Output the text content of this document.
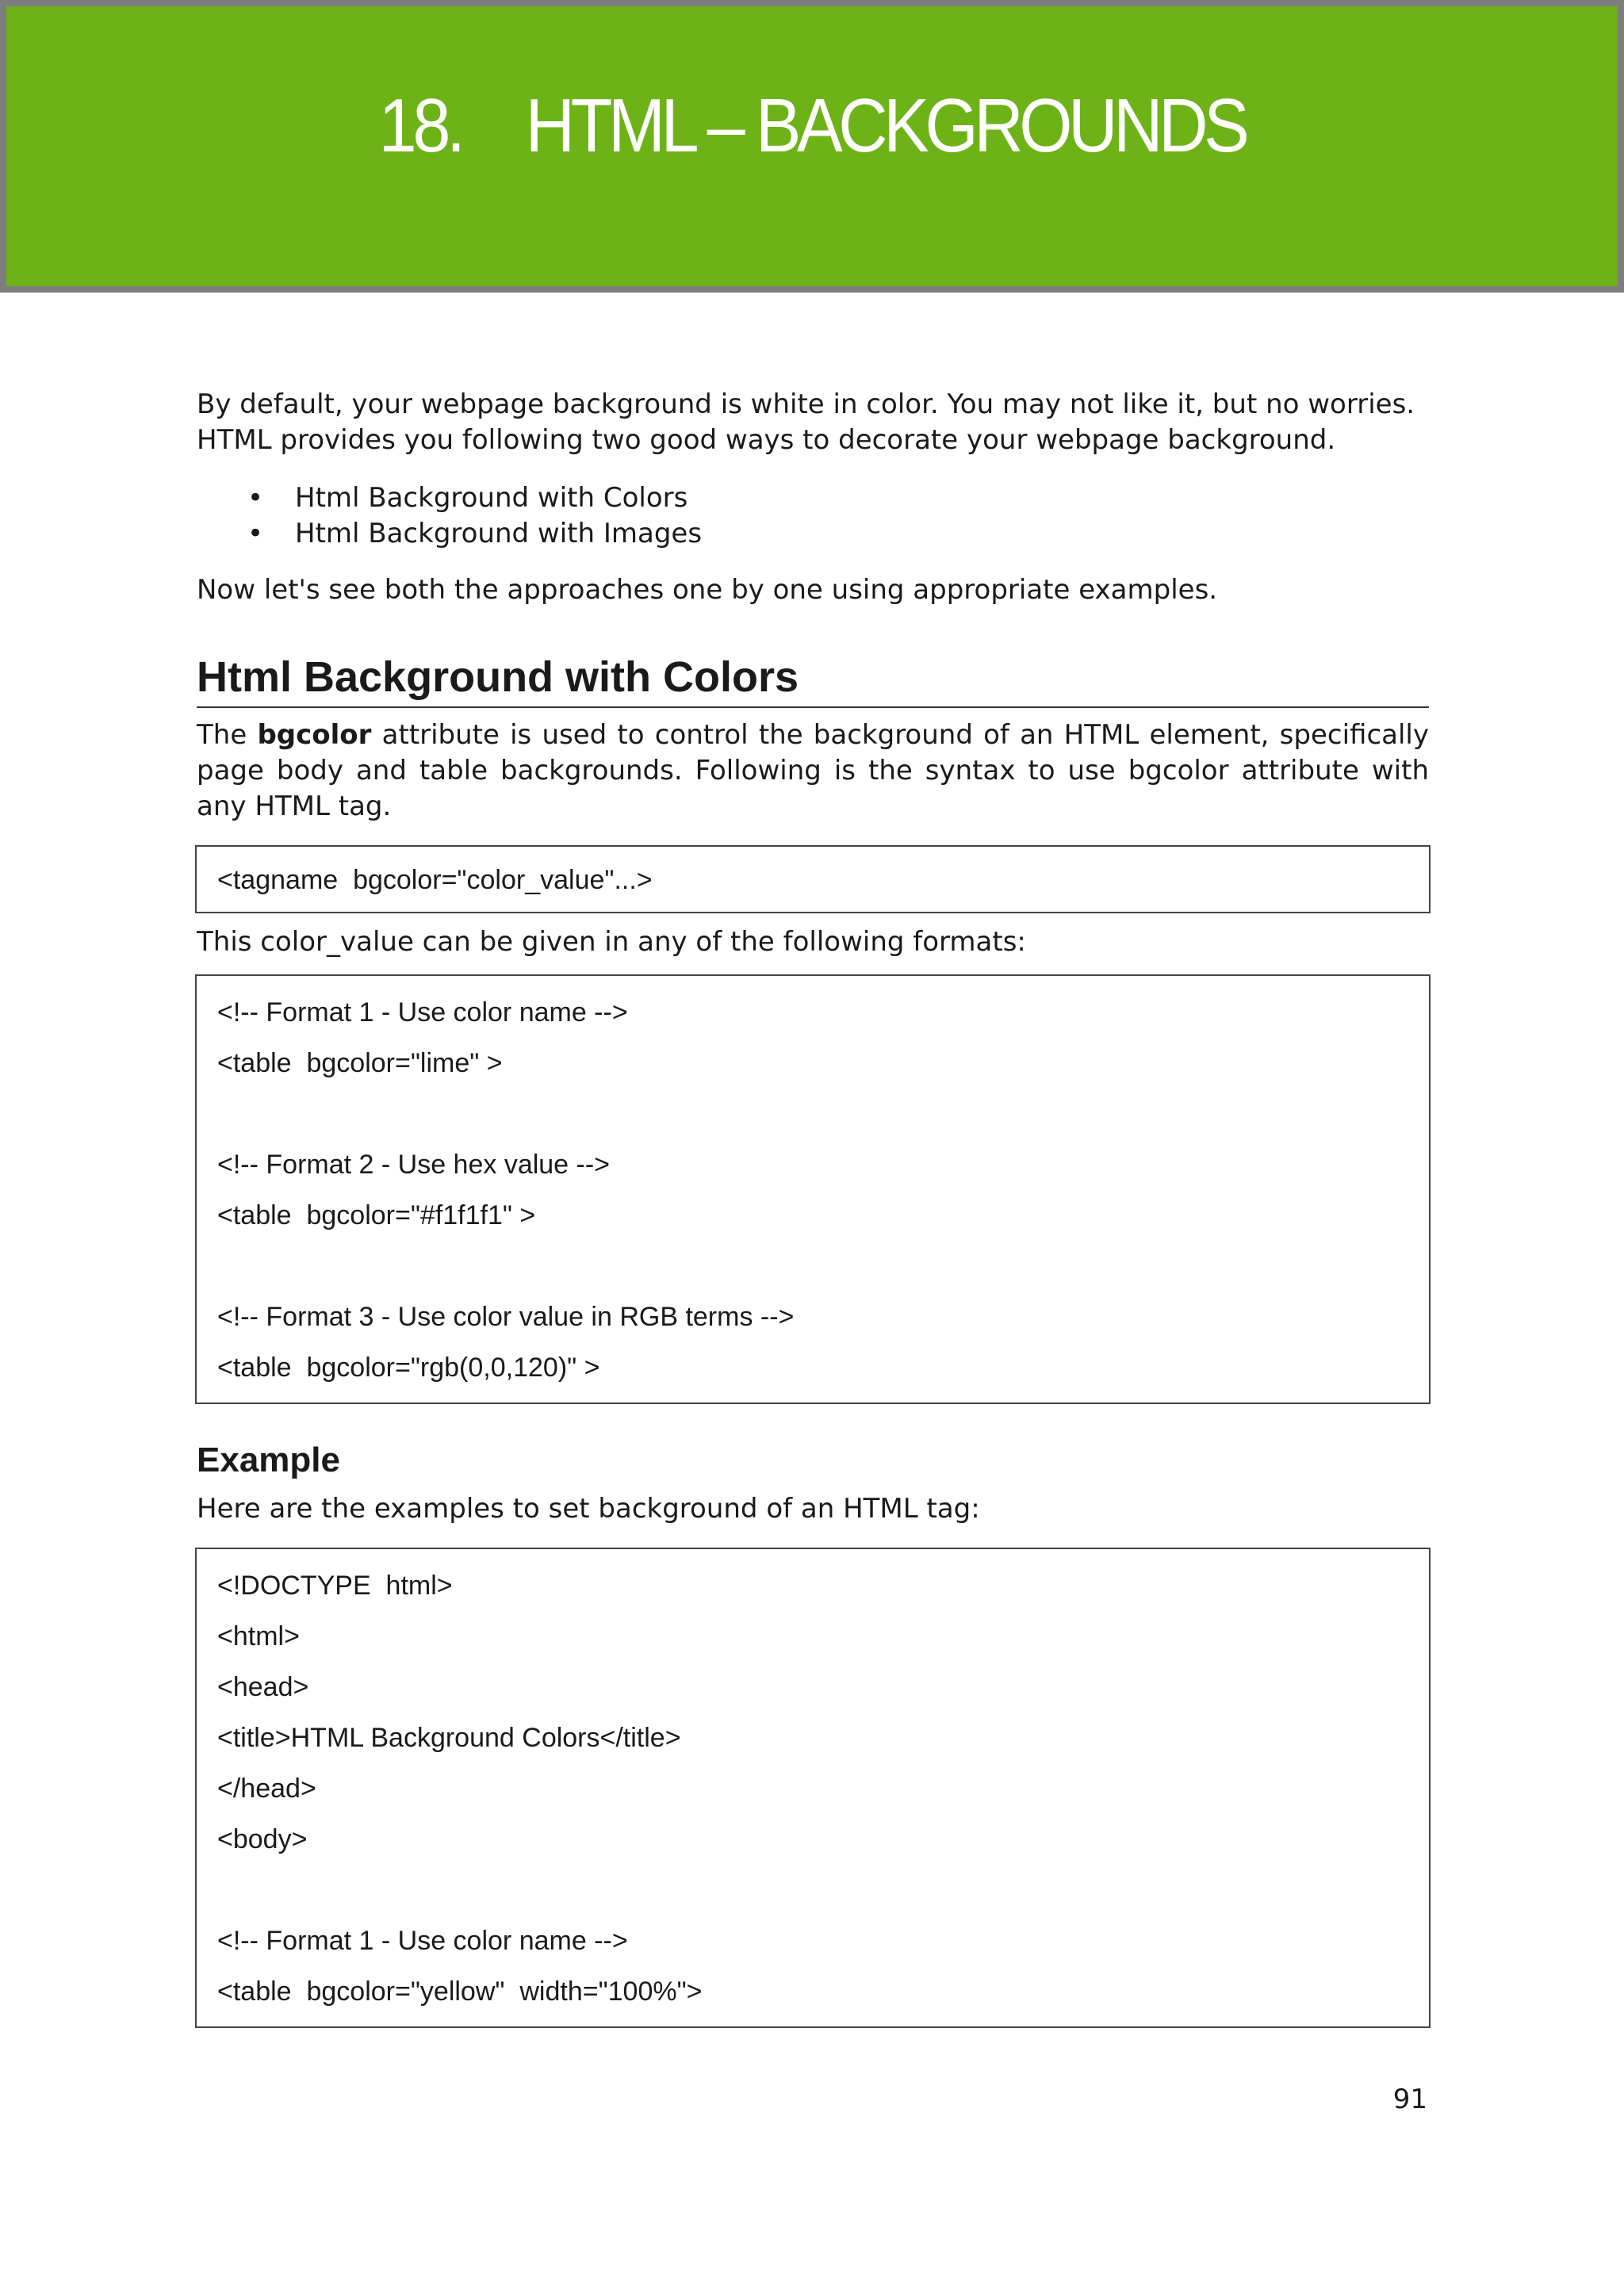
18. HTML – BACKGROUNDS

By default, your webpage background is white in color. You may not like it, but no worries. HTML provides you following two good ways to decorate your webpage background.

• Html Background with Colors
• Html Background with Images

Now let's see both the approaches one by one using appropriate examples.

Html Background with Colors

The bgcolor attribute is used to control the background of an HTML element, specifically page body and table backgrounds. Following is the syntax to use bgcolor attribute with any HTML tag.

<tagname  bgcolor="color_value"...>

This color_value can be given in any of the following formats:

<!-- Format 1 - Use color name -->
<table  bgcolor="lime" >
<!-- Format 2 - Use hex value -->
<table  bgcolor="#f1f1f1" >
<!-- Format 3 - Use color value in RGB terms -->
<table  bgcolor="rgb(0,0,120)" >
Example

Here are the examples to set background of an HTML tag:

<!DOCTYPE  html>
<html>
<head>
<title>HTML Background Colors</title>
</head>
<body>
<!-- Format 1 - Use color name -->
<table  bgcolor="yellow"  width="100%">
91
